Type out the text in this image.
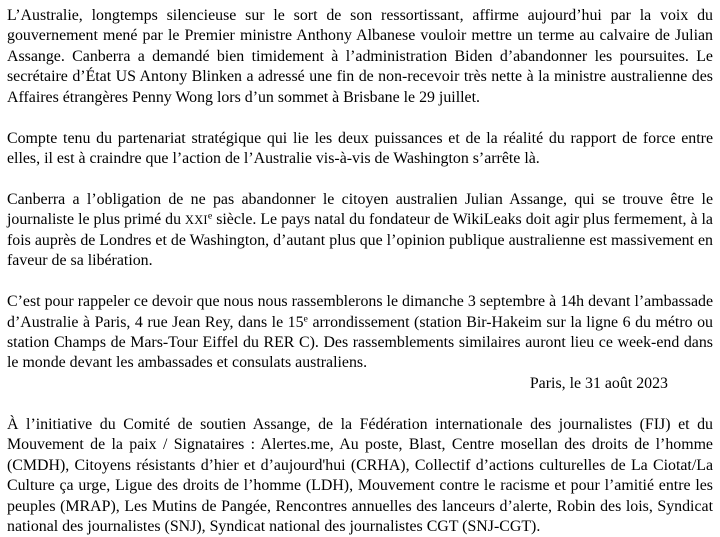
L’Australie, longtemps silencieuse sur le sort de son ressortissant, affirme aujourd’hui par la voix du gouvernement mené par le Premier ministre Anthony Albanese vouloir mettre un terme au calvaire de Julian Assange. Canberra a demandé bien timidement à l’administration Biden d’abandonner les poursuites. Le secrétaire d’État US Antony Blinken a adressé une fin de non-recevoir très nette à la ministre australienne des Affaires étrangères Penny Wong lors d’un sommet à Brisbane le 29 juillet.

Compte tenu du partenariat stratégique qui lie les deux puissances et de la réalité du rapport de force entre elles, il est à craindre que l’action de l’Australie vis-à-vis de Washington s’arrête là.

Canberra a l’obligation de ne pas abandonner le citoyen australien Julian Assange, qui se trouve être le journaliste le plus primé du XXIe siècle. Le pays natal du fondateur de WikiLeaks doit agir plus fermement, à la fois auprès de Londres et de Washington, d’autant plus que l’opinion publique australienne est massivement en faveur de sa libération.

C’est pour rappeler ce devoir que nous nous rassemblerons le dimanche 3 septembre à 14h devant l’ambassade d’Australie à Paris, 4 rue Jean Rey, dans le 15e arrondissement (station Bir-Hakeim sur la ligne 6 du métro ou station Champs de Mars-Tour Eiffel du RER C). Des rassemblements similaires auront lieu ce week-end dans le monde devant les ambassades et consulats australiens.

Paris, le 31 août 2023

À l’initiative du Comité de soutien Assange, de la Fédération internationale des journalistes (FIJ) et du Mouvement de la paix / Signataires : Alertes.me, Au poste, Blast, Centre mosellan des droits de l’homme (CMDH), Citoyens résistants d’hier et d’aujourd'hui (CRHA), Collectif d’actions culturelles de La Ciotat/La Culture ça urge, Ligue des droits de l’homme (LDH), Mouvement contre le racisme et pour l’amitié entre les peuples (MRAP), Les Mutins de Pangée, Rencontres annuelles des lanceurs d’alerte, Robin des lois, Syndicat national des journalistes (SNJ), Syndicat national des journalistes CGT (SNJ-CGT).
